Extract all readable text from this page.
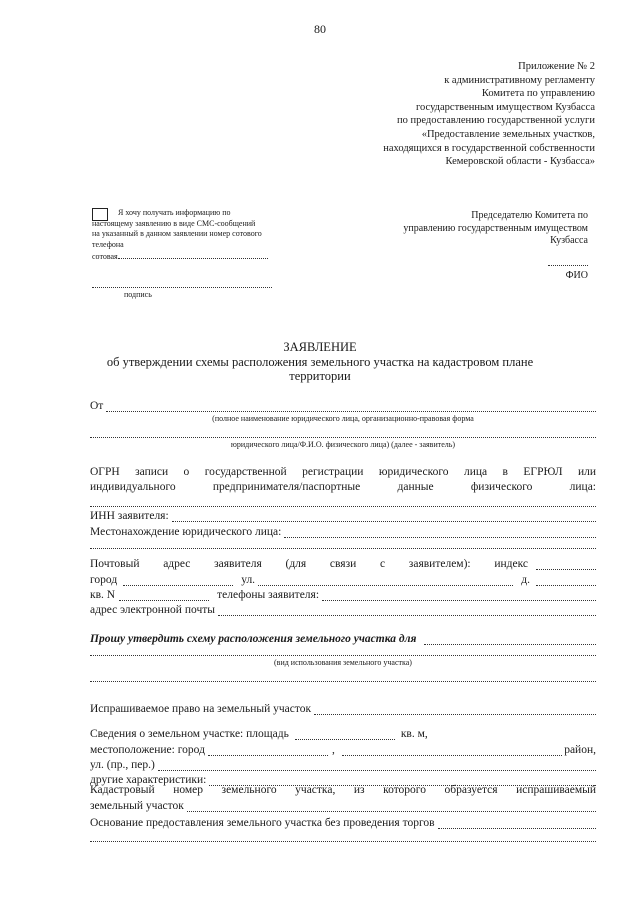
80
Приложение № 2
к административному регламенту
Комитета по управлению
государственным имуществом Кузбасса
по предоставлению государственной услуги
«Предоставление земельных участков,
находящихся в государственной собственности
Кемеровской области - Кузбасса»
Я хочу получать информацию по
настоящему заявлению в виде СМС-сообщений
на указанный в данном заявлении номер сотового
телефона
сотовая
подпись
Председателю Комитета по
управлению государственным имуществом
Кузбасса
ФИО
ЗАЯВЛЕНИЕ
об утверждении схемы расположения земельного участка на кадастровом плане
территории
От
(полное наименование юридического лица, организационно-правовая форма
юридического лица/Ф.И.О. физического лица) (далее - заявитель)
ОГРН записи о государственной регистрации юридического лица в ЕГРЮЛ или
индивидуального предпринимателя/паспортные данные физического лица:
ИНН заявителя:
Местонахождение юридического лица:
Почтовый адрес заявителя (для связи с заявителем): индекс
город	ул.	д.
кв. N	телефоны заявителя:
адрес электронной почты
Прошу утвердить схему расположения земельного участка для
(вид использования земельного участка)
Испрашиваемое право на земельный участок
Сведения о земельном участке: площадь	кв. м,
местоположение: город	,	район,
ул. (пр., пер.)
другие характеристики:
Кадастровый номер земельного участка, из которого образуется испрашиваемый
земельный участок
Основание предоставления земельного участка без проведения торгов
